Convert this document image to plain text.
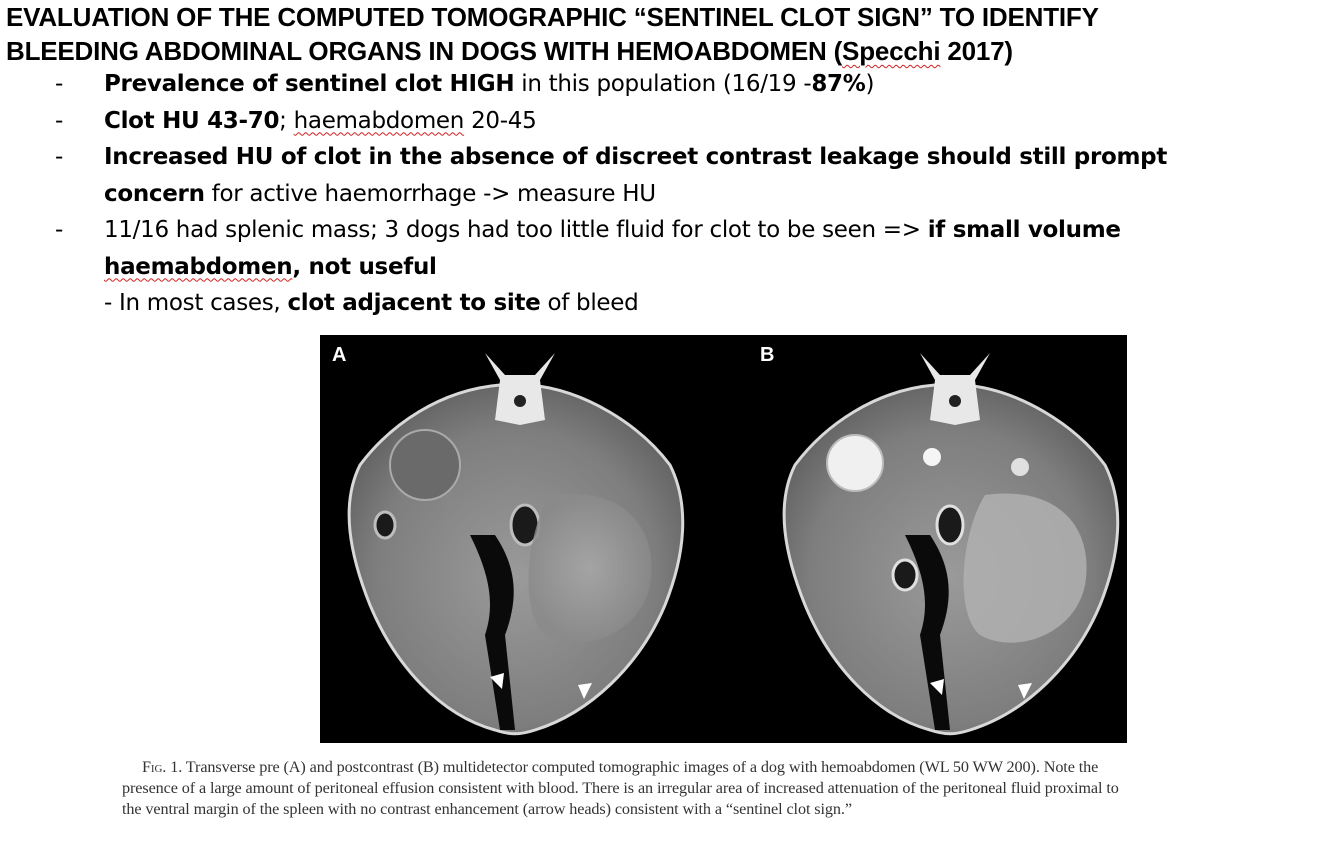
EVALUATION OF THE COMPUTED TOMOGRAPHIC “SENTINEL CLOT SIGN” TO IDENTIFY
BLEEDING ABDOMINAL ORGANS IN DOGS WITH HEMOABDOMEN (Specchi 2017)
- Prevalence of sentinel clot HIGH in this population (16/19 -87%)
- Clot HU 43-70; haemabdomen 20-45
- Increased HU of clot in the absence of discreet contrast leakage should still prompt
concern for active haemorrhage -> measure HU
- 11/16 had splenic mass; 3 dogs had too little fluid for clot to be seen => if small volume
haemabdomen, not useful
- In most cases, clot adjacent to site of bleed
A	B
Fig. 1. Transverse pre (A) and postcontrast (B) multidetector computed tomographic images of a dog with hemoabdomen (WL 50 WW 200). Note the
presence of a large amount of peritoneal effusion consistent with blood. There is an irregular area of increased attenuation of the peritoneal fluid proximal to
the ventral margin of the spleen with no contrast enhancement (arrow heads) consistent with a “sentinel clot sign.”
